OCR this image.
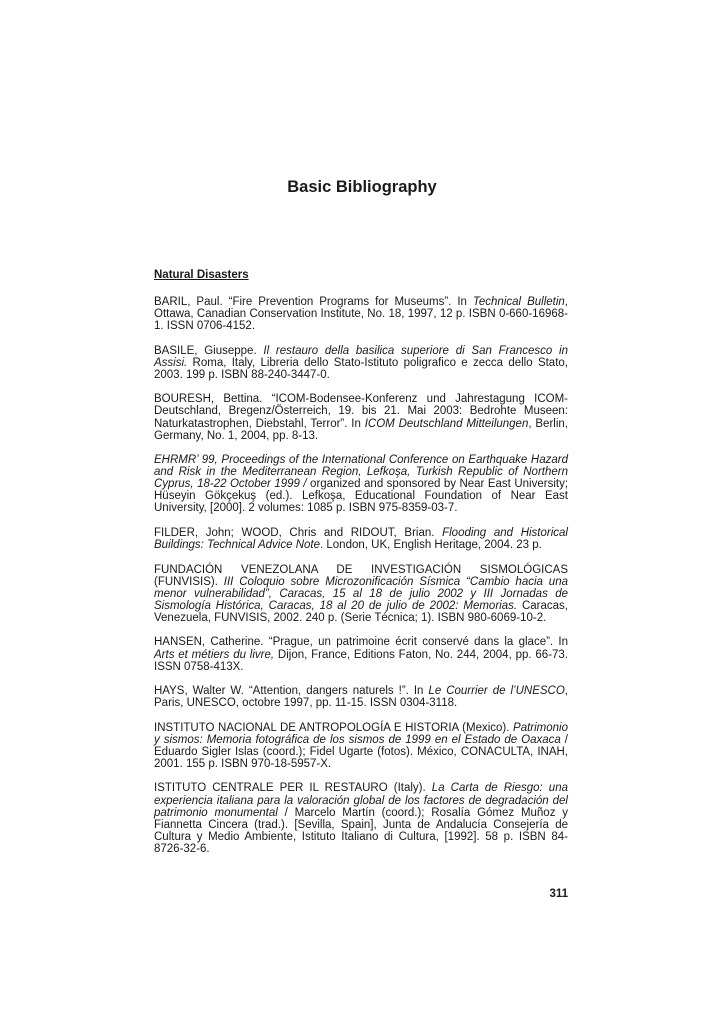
Basic Bibliography
Natural Disasters

BARIL, Paul. “Fire Prevention Programs for Museums”. In Technical Bulletin, Ottawa, Canadian Conservation Institute, No. 18, 1997, 12 p. ISBN 0-660-16968-1. ISSN 0706-4152.

BASILE, Giuseppe. Il restauro della basilica superiore di San Francesco in Assisi. Roma, Italy, Libreria dello Stato-Istituto poligrafico e zecca dello Stato, 2003. 199 p. ISBN 88-240-3447-0.

BOURESH, Bettina. “ICOM-Bodensee-Konferenz und Jahrestagung ICOM-Deutschland, Bregenz/Österreich, 19. bis 21. Mai 2003: Bedrohte Museen: Naturkatastrophen, Diebstahl, Terror”. In ICOM Deutschland Mitteilungen, Berlin, Germany, No. 1, 2004, pp. 8-13.

EHRMR’ 99, Proceedings of the International Conference on Earthquake Hazard and Risk in the Mediterranean Region, Lefkoşa, Turkish Republic of Northern Cyprus, 18-22 October 1999 / organized and sponsored by Near East University; Hüseyin Gökçekuş (ed.). Lefkoşa, Educational Foundation of Near East University, [2000]. 2 volumes: 1085 p. ISBN 975-8359-03-7.

FILDER, John; WOOD, Chris and RIDOUT, Brian. Flooding and Historical Buildings: Technical Advice Note. London, UK, English Heritage, 2004. 23 p.

FUNDACIÓN VENEZOLANA DE INVESTIGACIÓN SISMOLÓGICAS (FUNVISIS). III Coloquio sobre Microzonificación Sísmica “Cambio hacia una menor vulnerabilidad”, Caracas, 15 al 18 de julio 2002 y III Jornadas de Sismología Histórica, Caracas, 18 al 20 de julio de 2002: Memorias. Caracas, Venezuela, FUNVISIS, 2002. 240 p. (Serie Técnica; 1). ISBN 980-6069-10-2.

HANSEN, Catherine. “Prague, un patrimoine écrit conservé dans la glace”. In Arts et métiers du livre, Dijon, France, Editions Faton, No. 244, 2004, pp. 66-73. ISSN 0758-413X.

HAYS, Walter W. “Attention, dangers naturels !”. In Le Courrier de l’UNESCO, Paris, UNESCO, octobre 1997, pp. 11-15. ISSN 0304-3118.

INSTITUTO NACIONAL DE ANTROPOLOGÍA E HISTORIA (Mexico). Patrimonio y sismos: Memoria fotográfica de los sismos de 1999 en el Estado de Oaxaca / Eduardo Sigler Islas (coord.); Fidel Ugarte (fotos). México, CONACULTA, INAH, 2001. 155 p. ISBN 970-18-5957-X.

ISTITUTO CENTRALE PER IL RESTAURO (Italy). La Carta de Riesgo: una experiencia italiana para la valoración global de los factores de degradación del patrimonio monumental / Marcelo Martín (coord.); Rosalía Gómez Muñoz y Fiannetta Cincera (trad.). [Sevilla, Spain], Junta de Andalucía Consejería de Cultura y Medio Ambiente, Istituto Italiano di Cultura, [1992]. 58 p. ISBN 84-8726-32-6.

311
